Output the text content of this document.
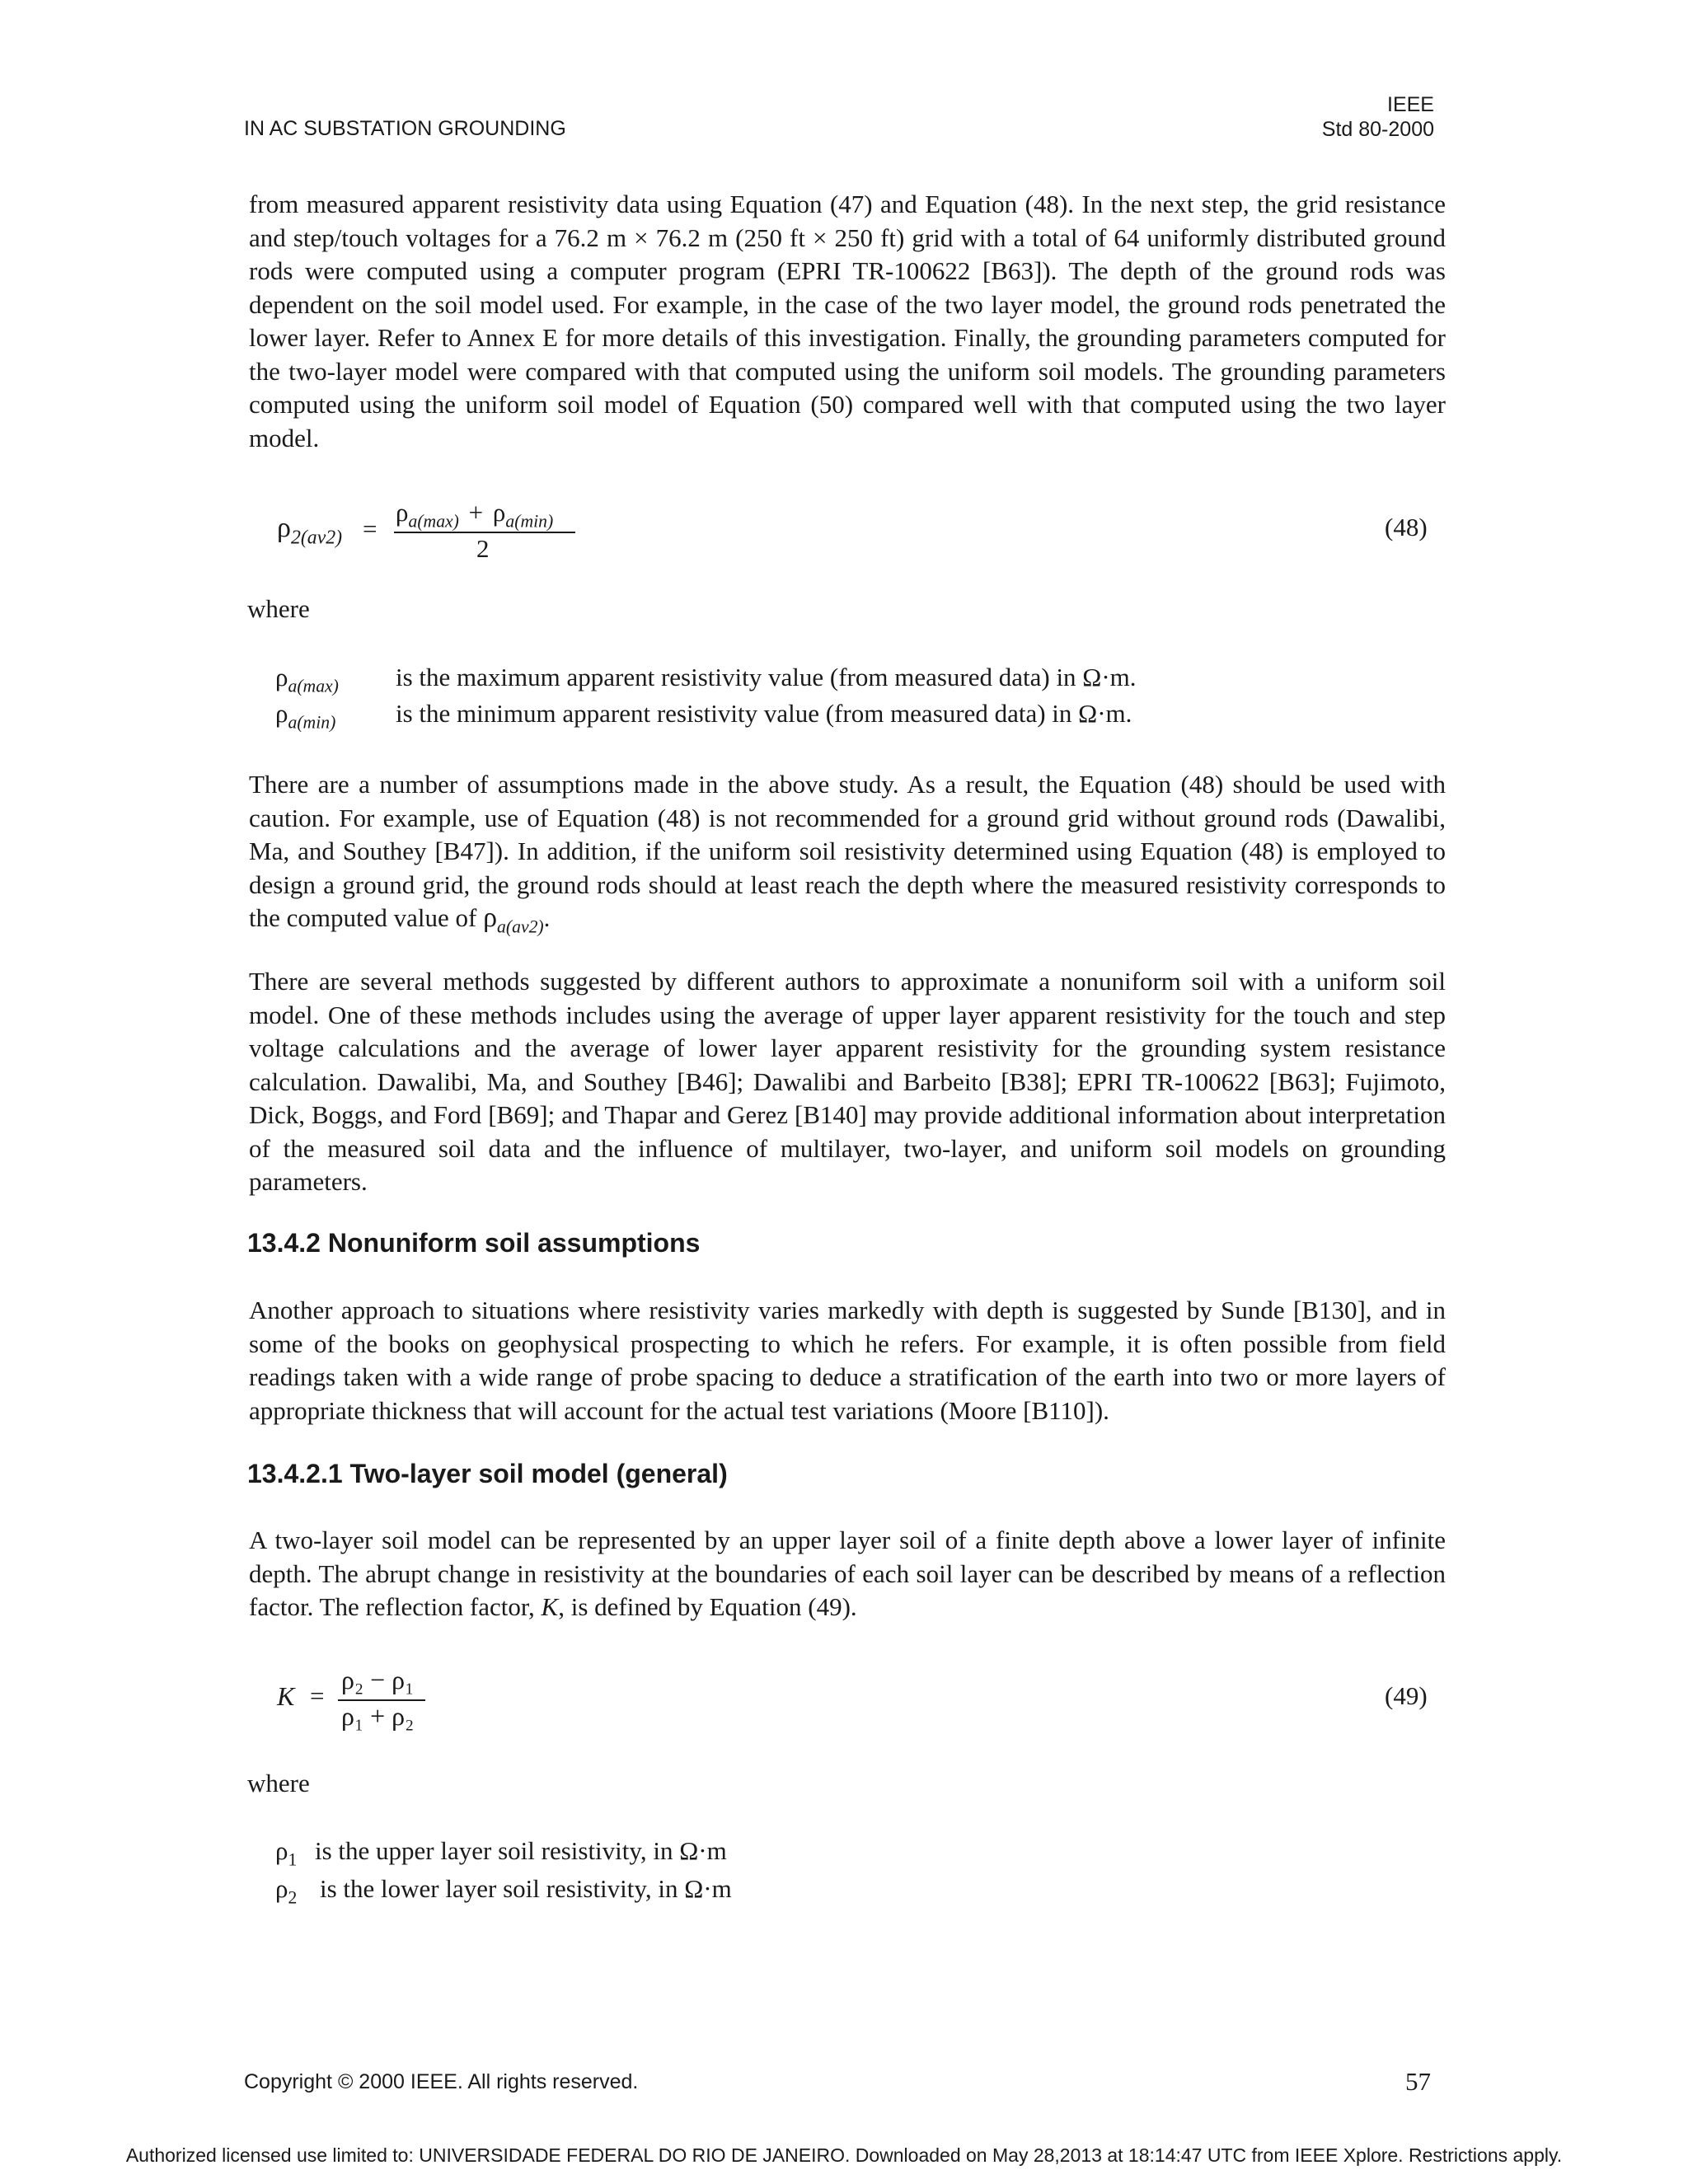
IN AC SUBSTATION GROUNDING
IEEE
Std 80-2000

from measured apparent resistivity data using Equation (47) and Equation (48). In the next step, the grid resistance and step/touch voltages for a 76.2 m × 76.2 m (250 ft × 250 ft) grid with a total of 64 uniformly distributed ground rods were computed using a computer program (EPRI TR-100622 [B63]). The depth of the ground rods was dependent on the soil model used. For example, in the case of the two layer model, the ground rods penetrated the lower layer. Refer to Annex E for more details of this investigation. Finally, the grounding parameters computed for the two-layer model were compared with that computed using the uniform soil models. The grounding parameters computed using the uniform soil model of Equation (50) compared well with that computed using the two layer model.

$\rho_{2(av2)}$ =
$\rho_{a(max)} + \rho_{a(min)}$
2
(48)
where
$\rho_{a(max)}$ is the maximum apparent resistivity value (from measured data) in Ω·m.
$\rho_{a(min)}$ is the minimum apparent resistivity value (from measured data) in Ω·m.

There are a number of assumptions made in the above study. As a result, the Equation (48) should be used with caution. For example, use of Equation (48) is not recommended for a ground grid without ground rods (Dawalibi, Ma, and Southey [B47]). In addition, if the uniform soil resistivity determined using Equation (48) is employed to design a ground grid, the ground rods should at least reach the depth where the measured resistivity corresponds to the computed value of $\rho_{a(av2)}$.

There are several methods suggested by different authors to approximate a nonuniform soil with a uniform soil model. One of these methods includes using the average of upper layer apparent resistivity for the touch and step voltage calculations and the average of lower layer apparent resistivity for the grounding system resistance calculation. Dawalibi, Ma, and Southey [B46]; Dawalibi and Barbeito [B38]; EPRI TR-100622 [B63]; Fujimoto, Dick, Boggs, and Ford [B69]; and Thapar and Gerez [B140] may provide additional information about interpretation of the measured soil data and the influence of multilayer, two-layer, and uniform soil models on grounding parameters.

13.4.2 Nonuniform soil assumptions

Another approach to situations where resistivity varies markedly with depth is suggested by Sunde [B130], and in some of the books on geophysical prospecting to which he refers. For example, it is often possible from field readings taken with a wide range of probe spacing to deduce a stratification of the earth into two or more layers of appropriate thickness that will account for the actual test variations (Moore [B110]).

13.4.2.1 Two-layer soil model (general)

A two-layer soil model can be represented by an upper layer soil of a finite depth above a lower layer of infinite depth. The abrupt change in resistivity at the boundaries of each soil layer can be described by means of a reflection factor. The reflection factor, K, is defined by Equation (49).

K =
ρ₂ − ρ₁
ρ₁ + ρ₂
(49)
where
$\rho_1$ is the upper layer soil resistivity, in Ω·m
$\rho_2$ is the lower layer soil resistivity, in Ω·m
Copyright © 2000 IEEE. All rights reserved.	57
Authorized licensed use limited to: UNIVERSIDADE FEDERAL DO RIO DE JANEIRO. Downloaded on May 28,2013 at 18:14:47 UTC from IEEE Xplore. Restrictions apply.
